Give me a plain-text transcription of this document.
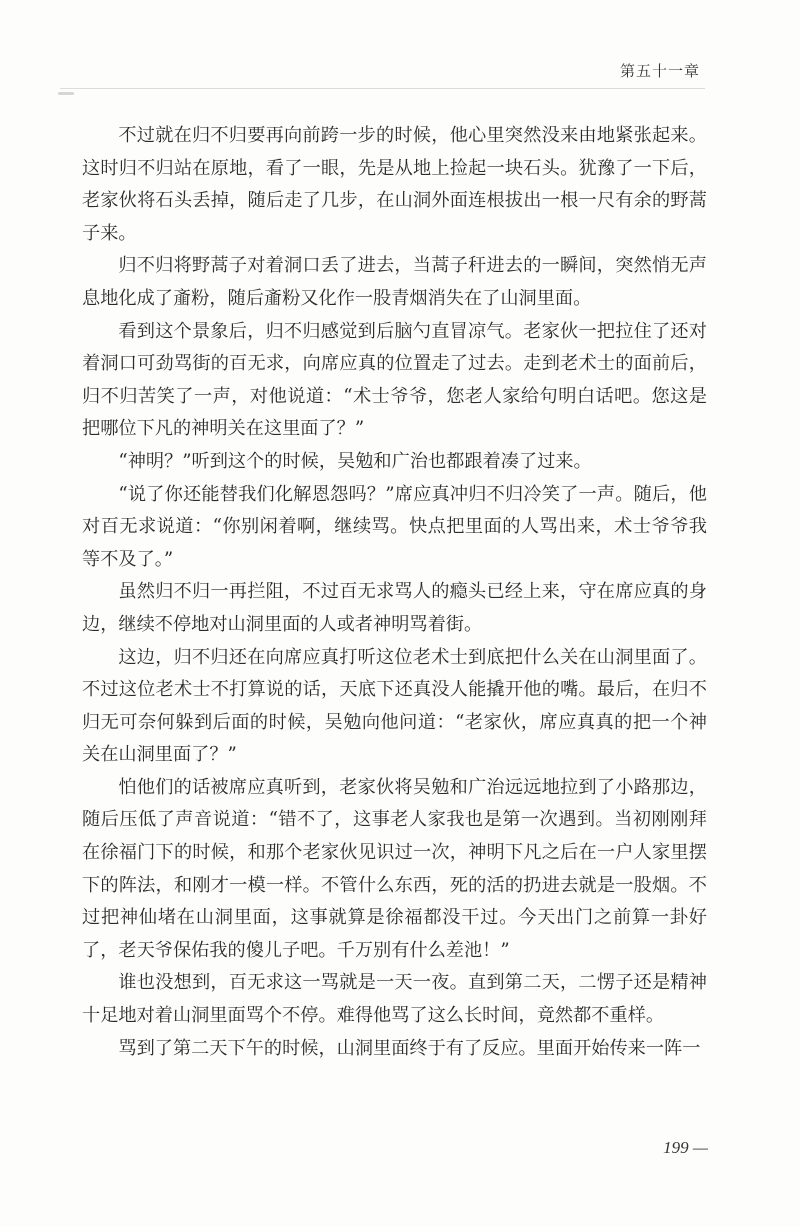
第五十一章

不过就在归不归要再向前跨一步的时候，他心里突然没来由地紧张起来。这时归不归站在原地，看了一眼，先是从地上捡起一块石头。犹豫了一下后，老家伙将石头丢掉，随后走了几步，在山洞外面连根拔出一根一尺有余的野蒿子来。

归不归将野蒿子对着洞口丢了进去，当蒿子秆进去的一瞬间，突然悄无声息地化成了齑粉，随后齑粉又化作一股青烟消失在了山洞里面。

看到这个景象后，归不归感觉到后脑勺直冒凉气。老家伙一把拉住了还对着洞口可劲骂街的百无求，向席应真的位置走了过去。走到老术士的面前后，归不归苦笑了一声，对他说道：“术士爷爷，您老人家给句明白话吧。您这是把哪位下凡的神明关在这里面了？”

“神明？”听到这个的时候，吴勉和广治也都跟着凑了过来。

“说了你还能替我们化解恩怨吗？”席应真冲归不归冷笑了一声。随后，他对百无求说道：“你别闲着啊，继续骂。快点把里面的人骂出来，术士爷爷我等不及了。”

虽然归不归一再拦阻，不过百无求骂人的瘾头已经上来，守在席应真的身边，继续不停地对山洞里面的人或者神明骂着街。

这边，归不归还在向席应真打听这位老术士到底把什么关在山洞里面了。不过这位老术士不打算说的话，天底下还真没人能撬开他的嘴。最后，在归不归无可奈何躲到后面的时候，吴勉向他问道：“老家伙，席应真真的把一个神关在山洞里面了？”

怕他们的话被席应真听到，老家伙将吴勉和广治远远地拉到了小路那边，随后压低了声音说道：“错不了，这事老人家我也是第一次遇到。当初刚刚拜在徐福门下的时候，和那个老家伙见识过一次，神明下凡之后在一户人家里摆下的阵法，和刚才一模一样。不管什么东西，死的活的扔进去就是一股烟。不过把神仙堵在山洞里面，这事就算是徐福都没干过。今天出门之前算一卦好了，老天爷保佑我的傻儿子吧。千万别有什么差池！”

谁也没想到，百无求这一骂就是一天一夜。直到第二天，二愣子还是精神十足地对着山洞里面骂个不停。难得他骂了这么长时间，竟然都不重样。

骂到了第二天下午的时候，山洞里面终于有了反应。里面开始传来一阵一

199 —
